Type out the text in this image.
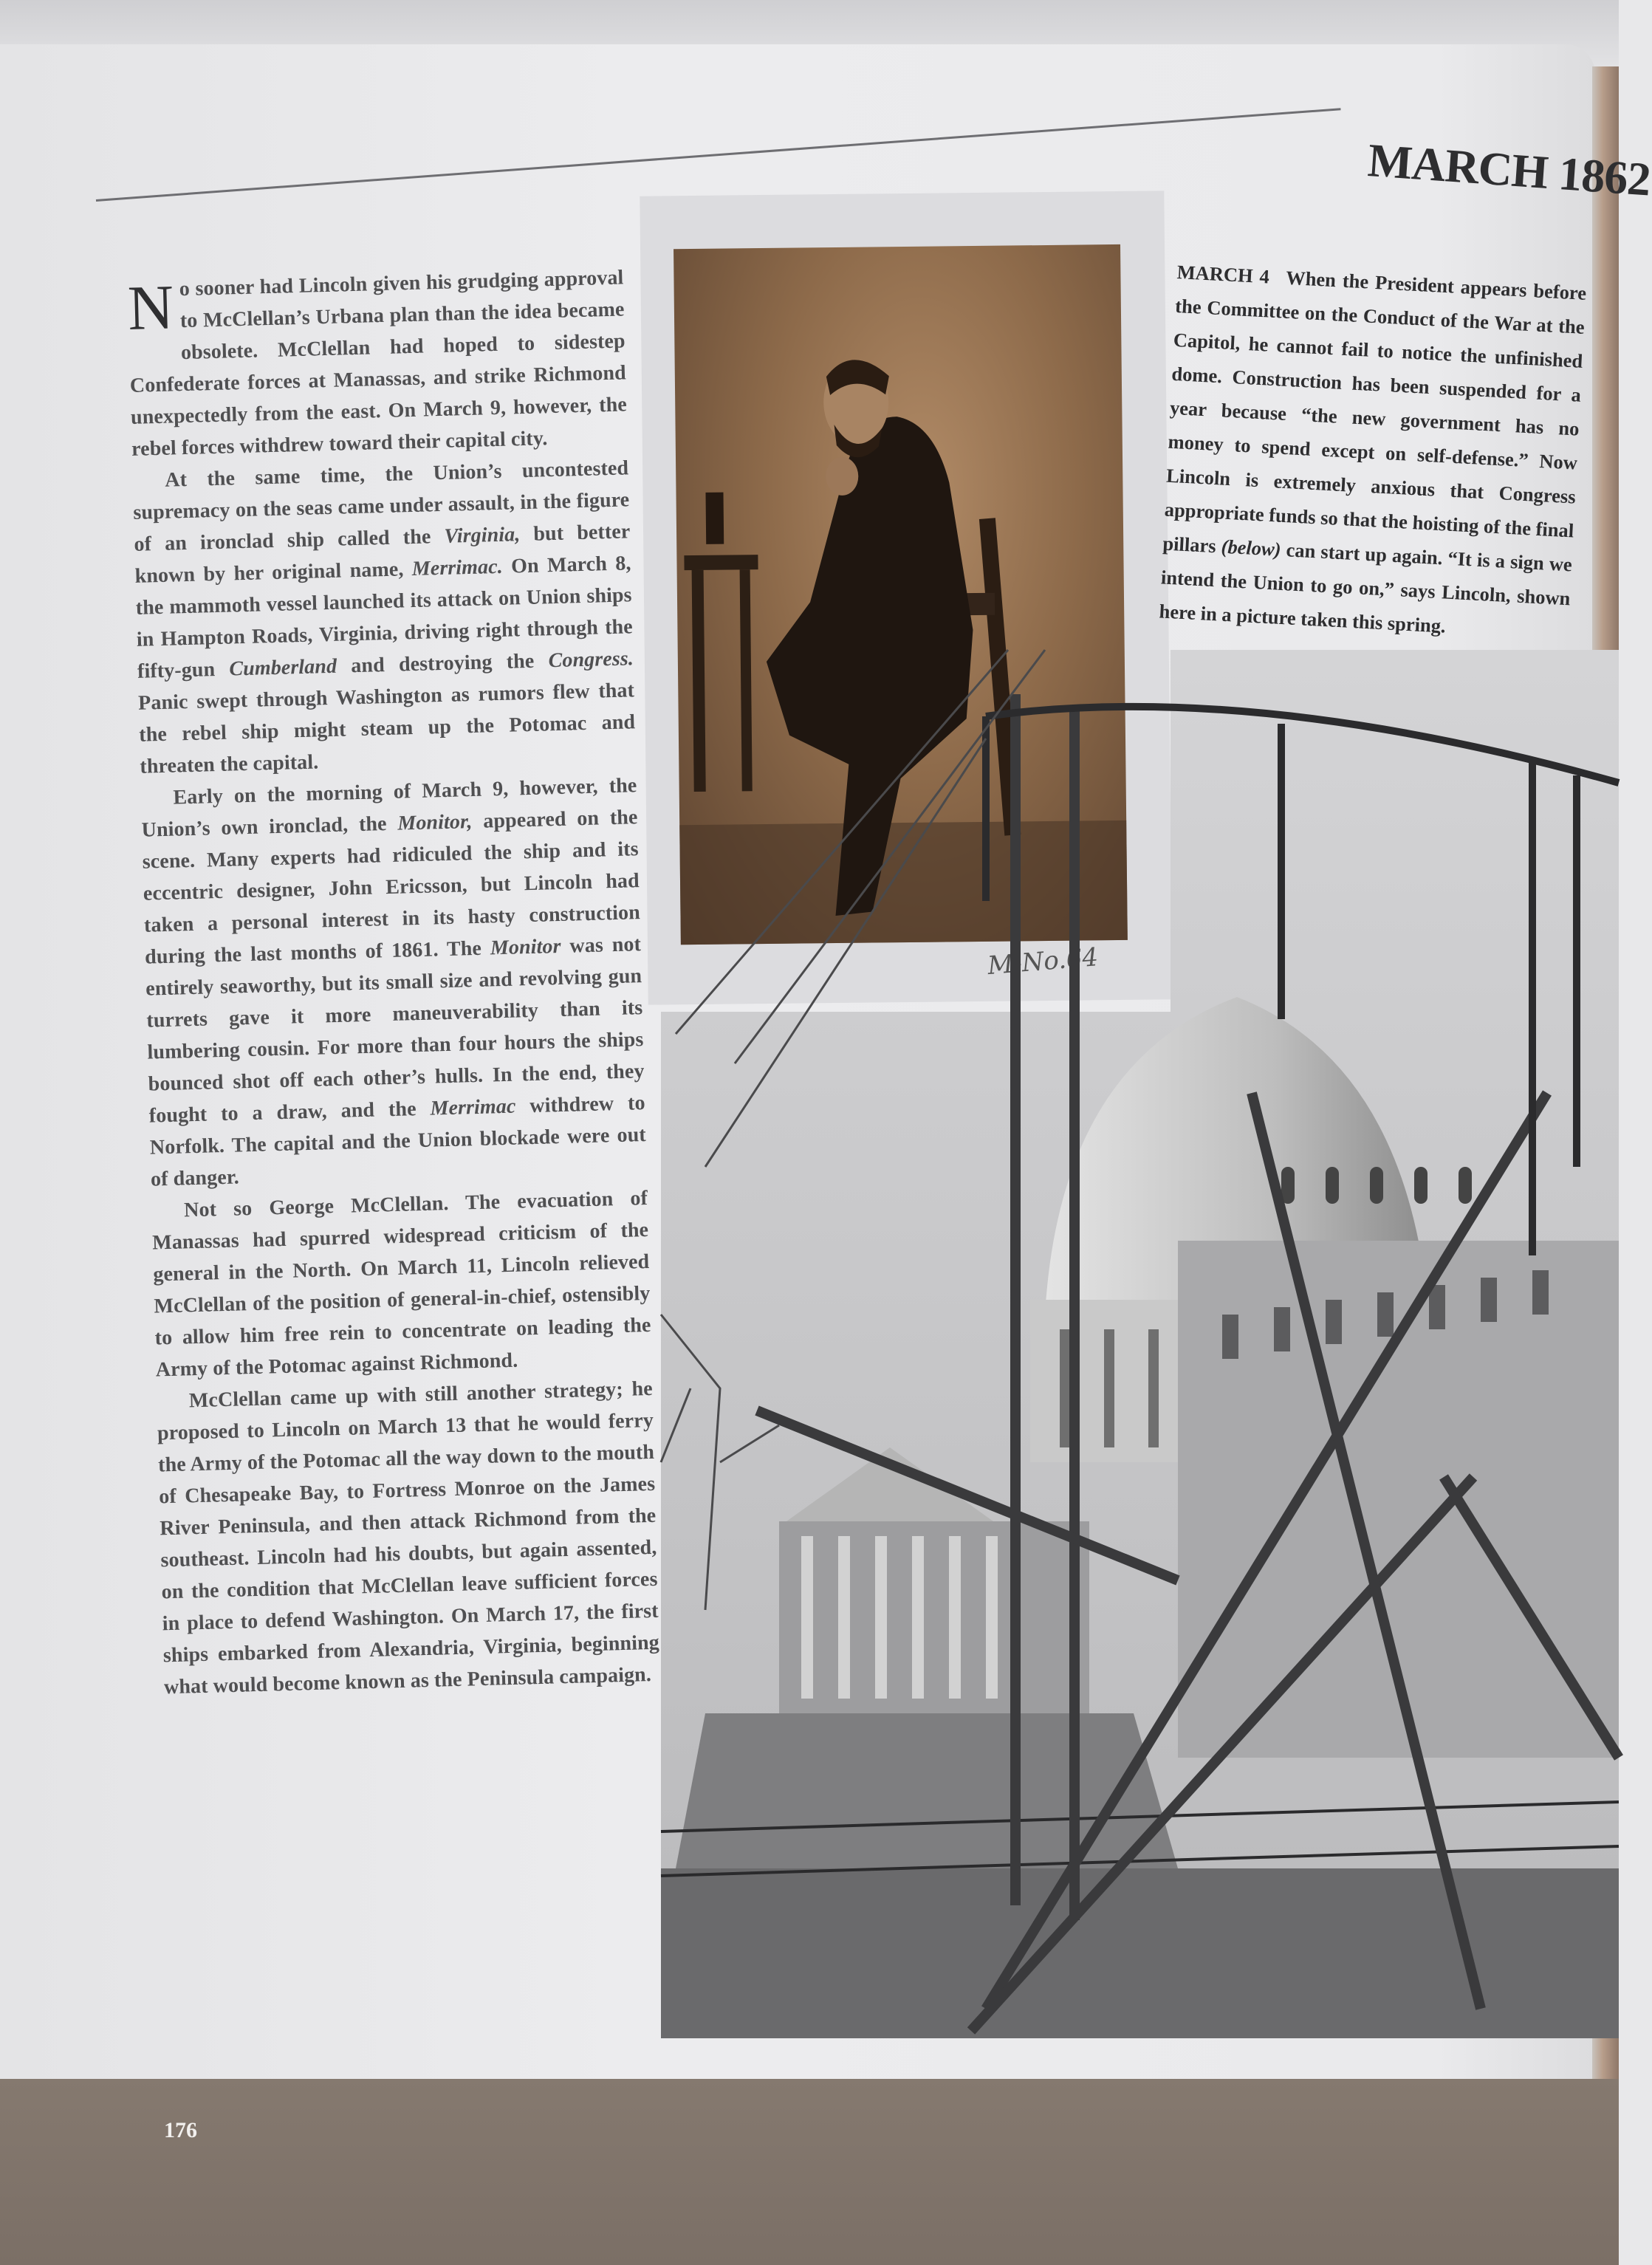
MARCH 1862

No sooner had Lincoln given his grudging approval to McClellan’s Urbana plan than the idea became obsolete. McClellan had hoped to sidestep Confederate forces at Manassas, and strike Richmond unexpectedly from the east. On March 9, however, the rebel forces withdrew toward their capital city.

At the same time, the Union’s uncontested supremacy on the seas came under assault, in the figure of an ironclad ship called the Virginia, but better known by her original name, Merrimac. On March 8, the mammoth vessel launched its attack on Union ships in Hampton Roads, Virginia, driving right through the fifty-gun Cumberland and destroying the Congress. Panic swept through Washington as rumors flew that the rebel ship might steam up the Potomac and threaten the capital.

Early on the morning of March 9, however, the Union’s own ironclad, the Monitor, appeared on the scene. Many experts had ridiculed the ship and its eccentric designer, John Ericsson, but Lincoln had taken a personal interest in its hasty construction during the last months of 1861. The Monitor was not entirely seaworthy, but its small size and revolving gun turrets gave it more maneuverability than its lumbering cousin. For more than four hours the ships bounced shot off each other’s hulls. In the end, they fought to a draw, and the Merrimac withdrew to Norfolk. The capital and the Union blockade were out of danger.

Not so George McClellan. The evacuation of Manassas had spurred widespread criticism of the general in the North. On March 11, Lincoln relieved McClellan of the position of general-in-chief, ostensibly to allow him free rein to concentrate on leading the Army of the Potomac against Richmond.

McClellan came up with still another strategy; he proposed to Lincoln on March 13 that he would ferry the Army of the Potomac all the way down to the mouth of Chesapeake Bay, to Fortress Monroe on the James River Peninsula, and then attack Richmond from the southeast. Lincoln had his doubts, but again assented, on the condition that McClellan leave sufficient forces in place to defend Washington. On March 17, the first ships embarked from Alexandria, Virginia, beginning what would become known as the Peninsula campaign.

M-No.64
MARCH 4 When the President appears before the Committee on the Conduct of the War at the Capitol, he cannot fail to notice the unfinished dome. Construction has been suspended for a year because “the new government has no money to spend except on self-defense.” Now Lincoln is extremely anxious that Congress appropriate funds so that the hoisting of the final pillars (below) can start up again. “It is a sign we intend the Union to go on,” says Lincoln, shown here in a picture taken this spring.
176
